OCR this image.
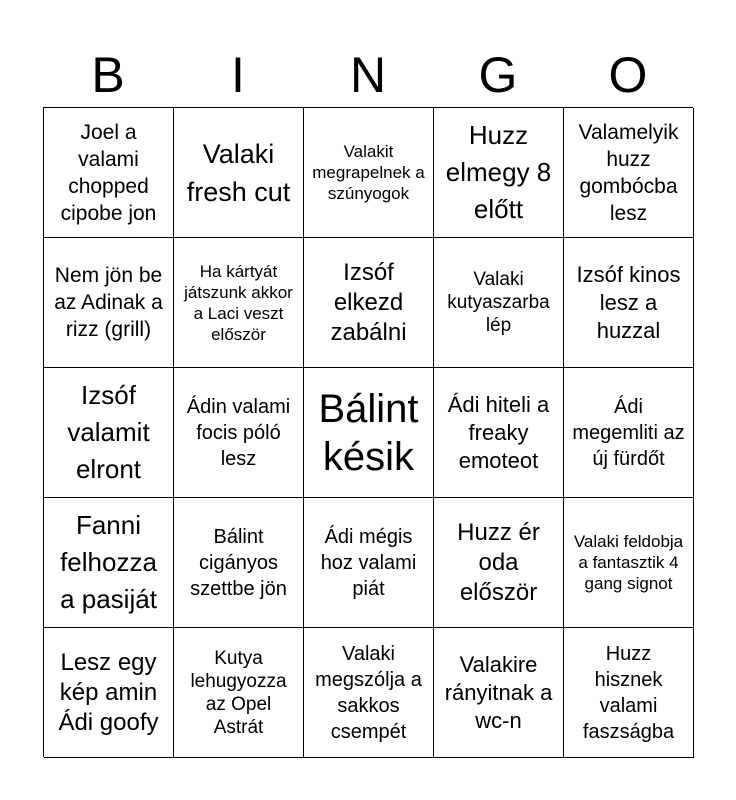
B	I	N	G	O
Joel a valami chopped cipobe jon
Valaki fresh cut
Valakit megrapelnek a szúnyogok
Huzz elmegy 8 előtt
Valamelyik huzz gombócba lesz
Nem jön be az Adinak a rizz (grill)
Ha kártyát játszunk akkor a Laci veszt először
Izsóf elkezd zabálni
Valaki kutyaszarba lép
Izsóf kinos lesz a huzzal
Izsóf valamit elront
Ádin valami focis póló lesz
Bálint késik
Ádi hiteli a freaky emoteot
Ádi megemliti az új fürdőt
Fanni felhozza a pasiját
Bálint cigányos szettbe jön
Ádi mégis hoz valami piát
Huzz ér oda először
Valaki feldobja a fantasztik 4 gang signot
Lesz egy kép amin Ádi goofy
Kutya lehugyozza az Opel Astrát
Valaki megszólja a sakkos csempét
Valakire rányitnak a wc-n
Huzz hisznek valami faszságba
